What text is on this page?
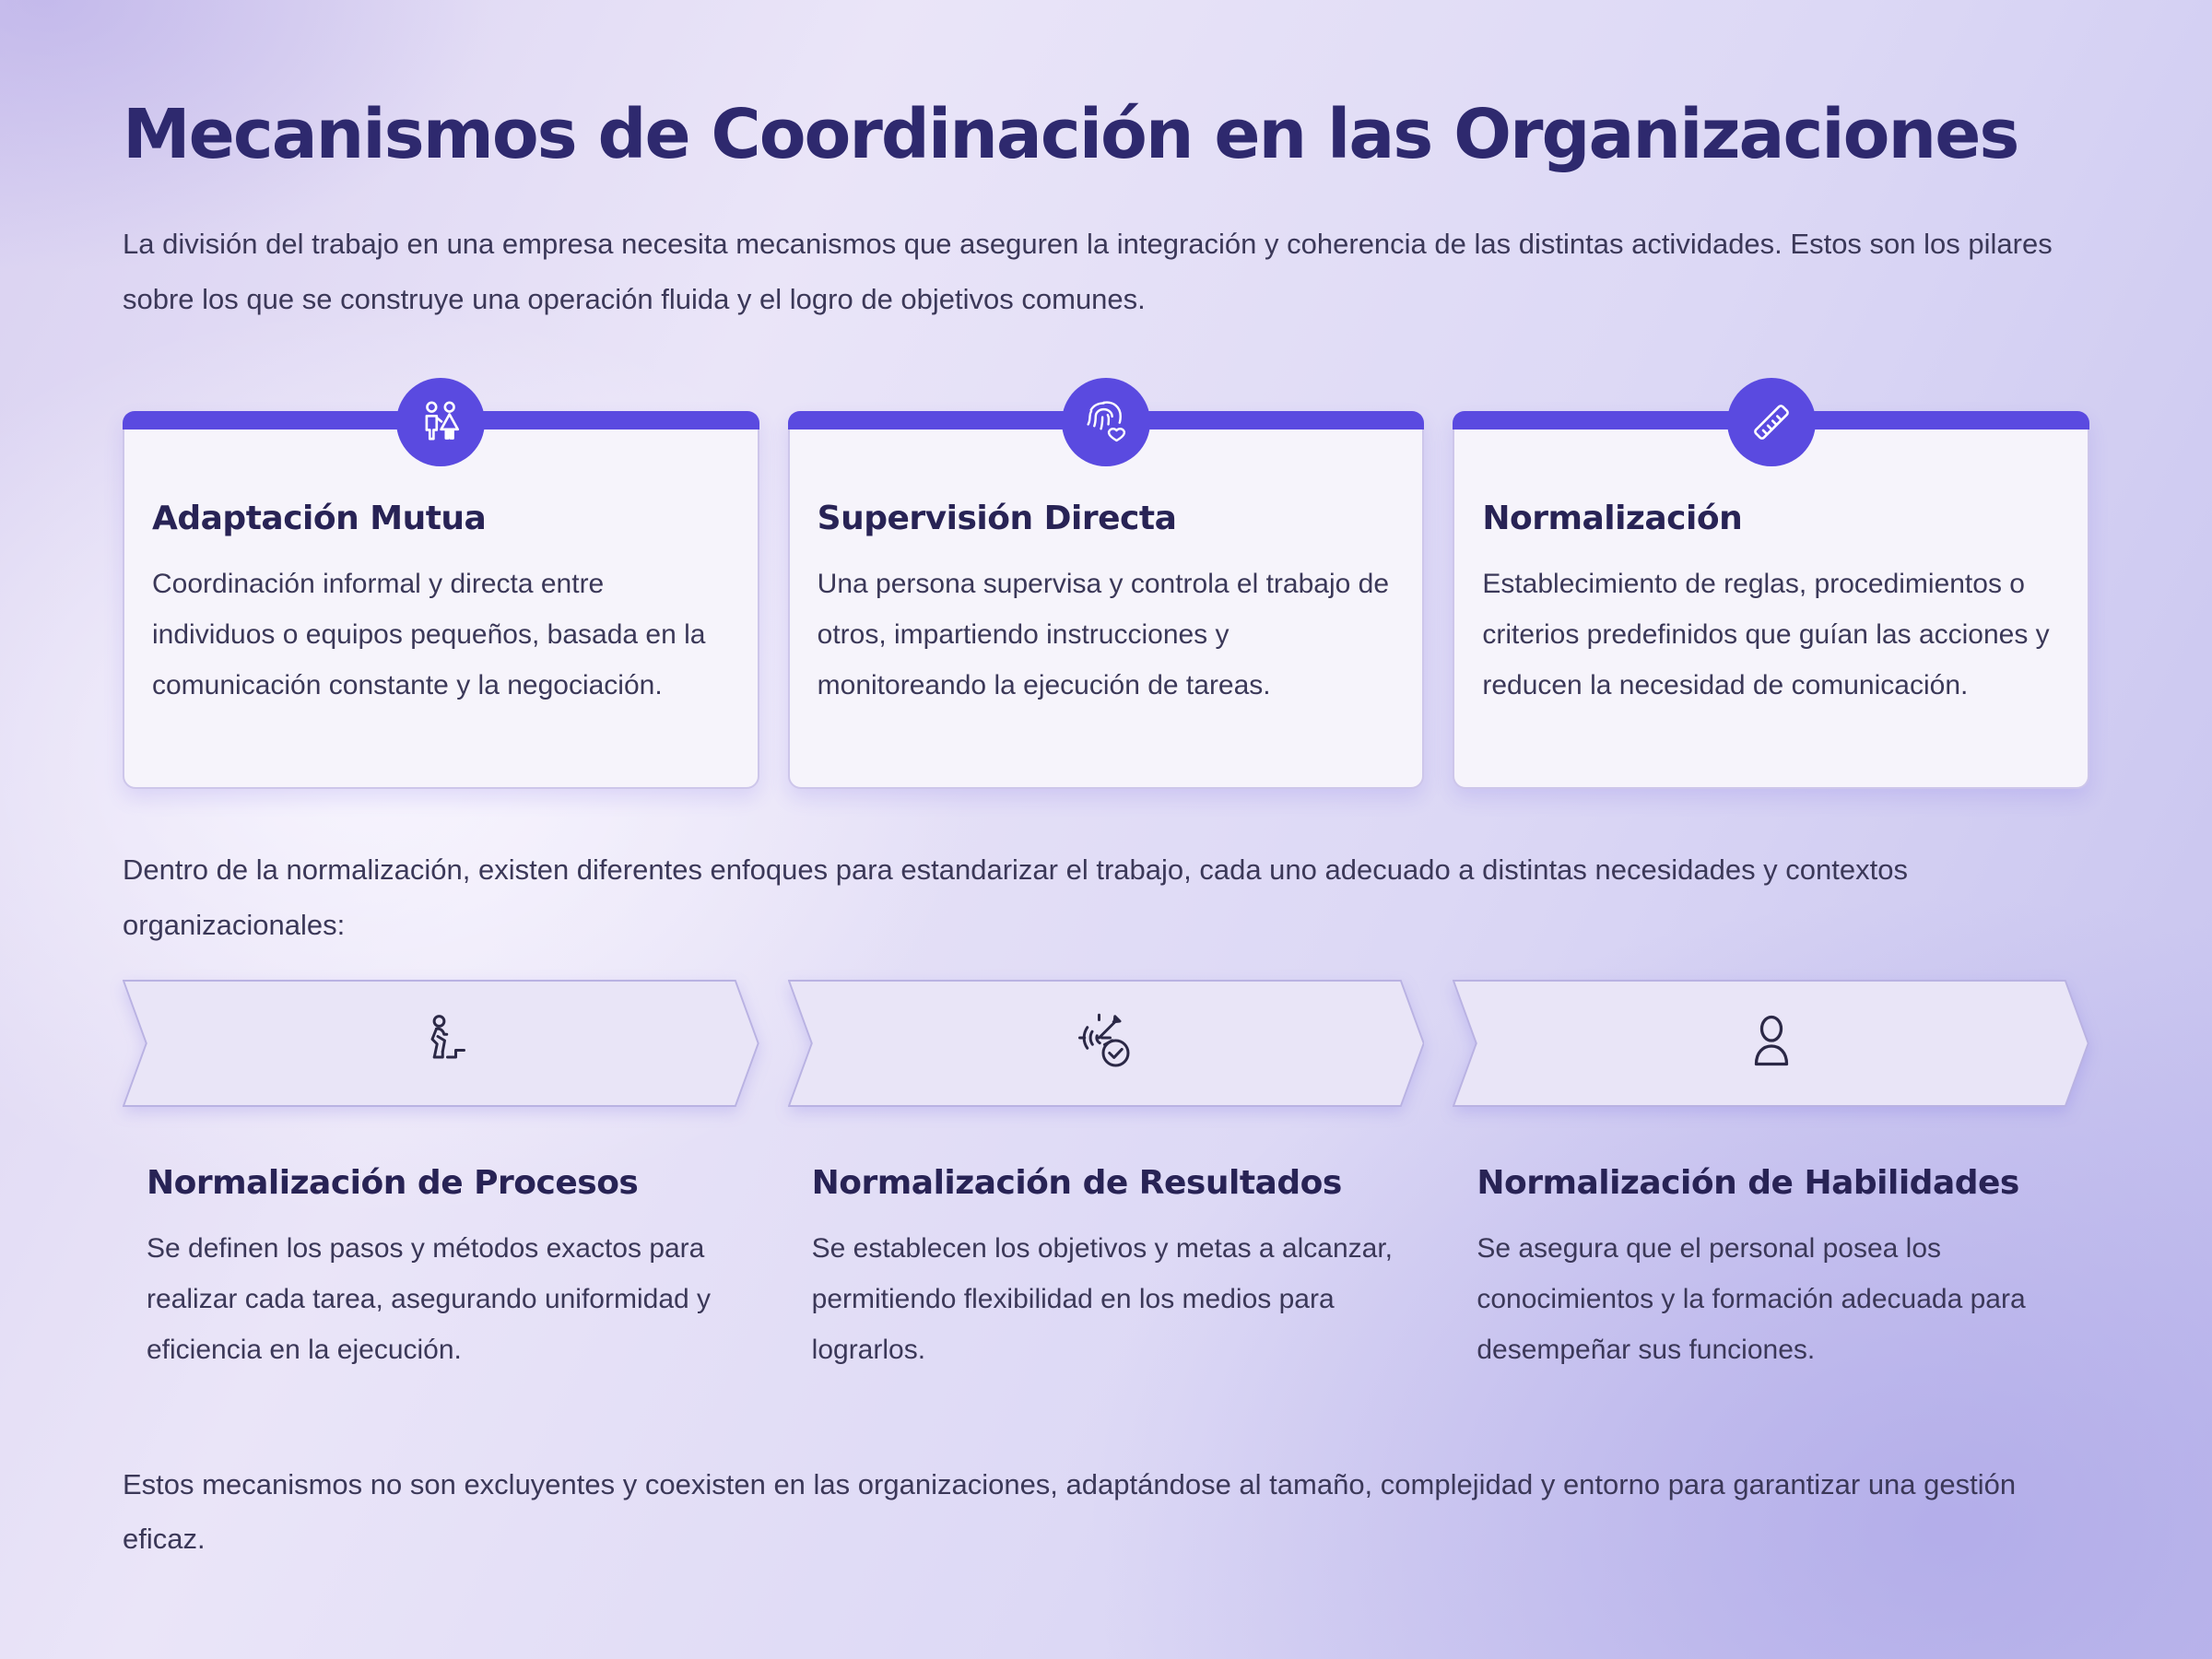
Mecanismos de Coordinación en las Organizaciones

La división del trabajo en una empresa necesita mecanismos que aseguren la integración y coherencia de las distintas actividades. Estos son los pilares sobre los que se construye una operación fluida y el logro de objetivos comunes.

Adaptación Mutua

Coordinación informal y directa entre individuos o equipos pequeños, basada en la comunicación constante y la negociación.

Supervisión Directa

Una persona supervisa y controla el trabajo de otros, impartiendo instrucciones y monitoreando la ejecución de tareas.

Normalización

Establecimiento de reglas, procedimientos o criterios predefinidos que guían las acciones y reducen la necesidad de comunicación.

Dentro de la normalización, existen diferentes enfoques para estandarizar el trabajo, cada uno adecuado a distintas necesidades y contextos organizacionales:

Normalización de Procesos

Se definen los pasos y métodos exactos para realizar cada tarea, asegurando uniformidad y eficiencia en la ejecución.

Normalización de Resultados

Se establecen los objetivos y metas a alcanzar, permitiendo flexibilidad en los medios para lograrlos.

Normalización de Habilidades

Se asegura que el personal posea los conocimientos y la formación adecuada para desempeñar sus funciones.

Estos mecanismos no son excluyentes y coexisten en las organizaciones, adaptándose al tamaño, complejidad y entorno para garantizar una gestión eficaz.
